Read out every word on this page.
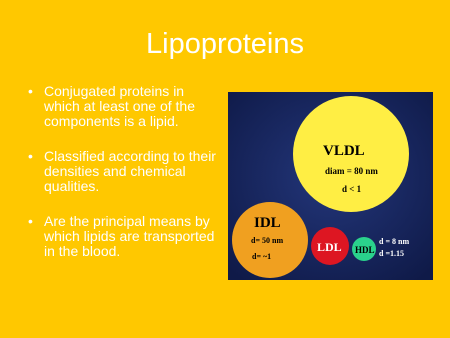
Lipoproteins
• Conjugated proteins in which at least one of the components is a lipid.
• Classified according to their densities and chemical qualities.
• Are the principal means by which lipids are transported in the blood.
VLDL
diam = 80 nm
d < 1
IDL
d= 50 nm
d= ~1
LDL HDL
d = 8 nm
d =1.15
